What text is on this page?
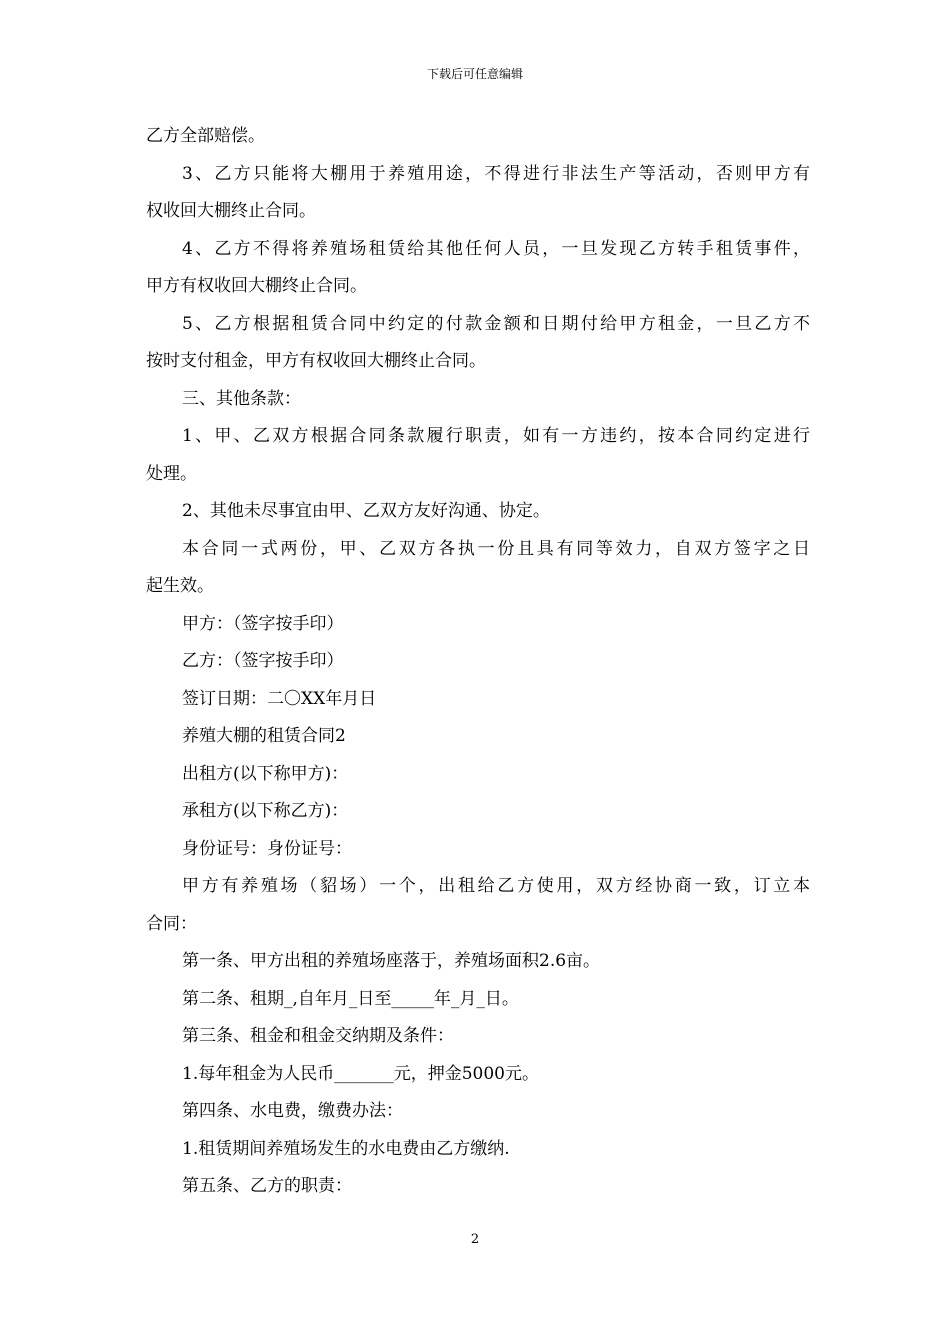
下载后可任意编辑
乙方全部赔偿。
3、乙方只能将大棚用于养殖用途，不得进行非法生产等活动，否则甲方有
权收回大棚终止合同。
4、乙方不得将养殖场租赁给其他任何人员，一旦发现乙方转手租赁事件，
甲方有权收回大棚终止合同。
5、乙方根据租赁合同中约定的付款金额和日期付给甲方租金，一旦乙方不
按时支付租金，甲方有权收回大棚终止合同。
三、其他条款：
1、甲、乙双方根据合同条款履行职责，如有一方违约，按本合同约定进行
处理。
2、其他未尽事宜由甲、乙双方友好沟通、协定。
本合同一式两份，甲、乙双方各执一份且具有同等效力，自双方签字之日
起生效。
甲方：（签字按手印）
乙方：（签字按手印）
签订日期：二〇XX年月日
养殖大棚的租赁合同2
出租方(以下称甲方)：
承租方(以下称乙方)：
身份证号：身份证号：
甲方有养殖场（貂场）一个，出租给乙方使用，双方经协商一致，订立本
合同：
第一条、甲方出租的养殖场座落于，养殖场面积2.6亩。
第二条、租期_,自年月_日至_____年_月_日。
第三条、租金和租金交纳期及条件：
1.每年租金为人民币_______元，押金5000元。
第四条、水电费，缴费办法：
1.租赁期间养殖场发生的水电费由乙方缴纳.
第五条、乙方的职责：
2
